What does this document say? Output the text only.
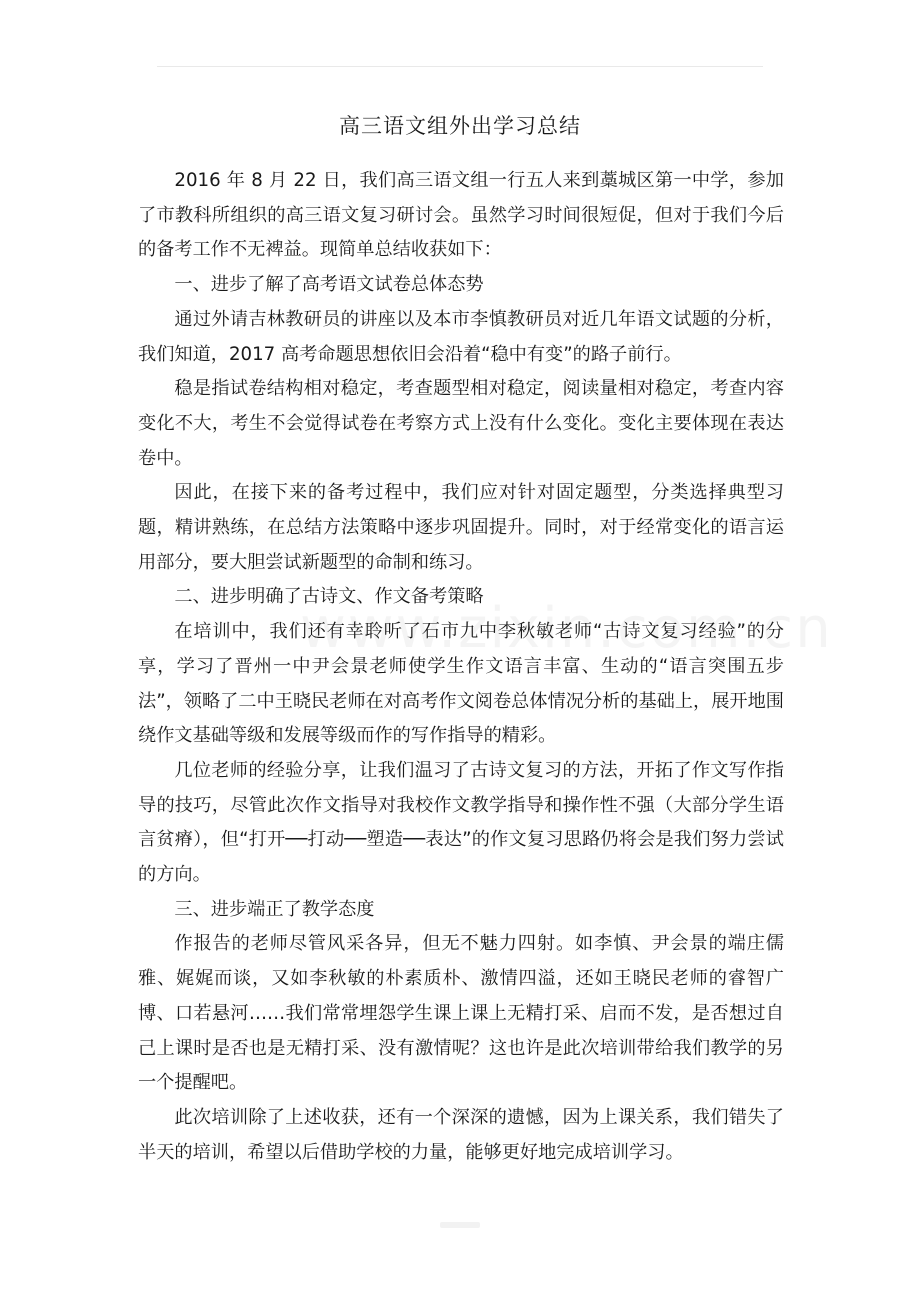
高三语文组外出学习总结

2016 年 8 月 22 日，我们高三语文组一行五人来到藁城区第一中学，参加了市教科所组织的高三语文复习研讨会。虽然学习时间很短促，但对于我们今后的备考工作不无裨益。现简单总结收获如下：

一、进步了解了高考语文试卷总体态势

通过外请吉林教研员的讲座以及本市李慎教研员对近几年语文试题的分析，我们知道，2017 高考命题思想依旧会沿着“稳中有变”的路子前行。

稳是指试卷结构相对稳定，考查题型相对稳定，阅读量相对稳定，考查内容变化不大，考生不会觉得试卷在考察方式上没有什么变化。变化主要体现在表达卷中。

因此，在接下来的备考过程中，我们应对针对固定题型，分类选择典型习题，精讲熟练，在总结方法策略中逐步巩固提升。同时，对于经常变化的语言运用部分，要大胆尝试新题型的命制和练习。

二、进步明确了古诗文、作文备考策略

在培训中，我们还有幸聆听了石市九中李秋敏老师“古诗文复习经验”的分享，学习了晋州一中尹会景老师使学生作文语言丰富、生动的“语言突围五步法”，领略了二中王晓民老师在对高考作文阅卷总体情况分析的基础上，展开地围绕作文基础等级和发展等级而作的写作指导的精彩。

几位老师的经验分享，让我们温习了古诗文复习的方法，开拓了作文写作指导的技巧，尽管此次作文指导对我校作文教学指导和操作性不强（大部分学生语言贫瘠），但“打开──打动──塑造──表达”的作文复习思路仍将会是我们努力尝试的方向。

三、进步端正了教学态度

作报告的老师尽管风采各异，但无不魅力四射。如李慎、尹会景的端庄儒雅、娓娓而谈，又如李秋敏的朴素质朴、激情四溢，还如王晓民老师的睿智广博、口若悬河……我们常常埋怨学生课上课上无精打采、启而不发，是否想过自己上课时是否也是无精打采、没有激情呢？这也许是此次培训带给我们教学的另一个提醒吧。

此次培训除了上述收获，还有一个深深的遗憾，因为上课关系，我们错失了半天的培训，希望以后借助学校的力量，能够更好地完成培训学习。
